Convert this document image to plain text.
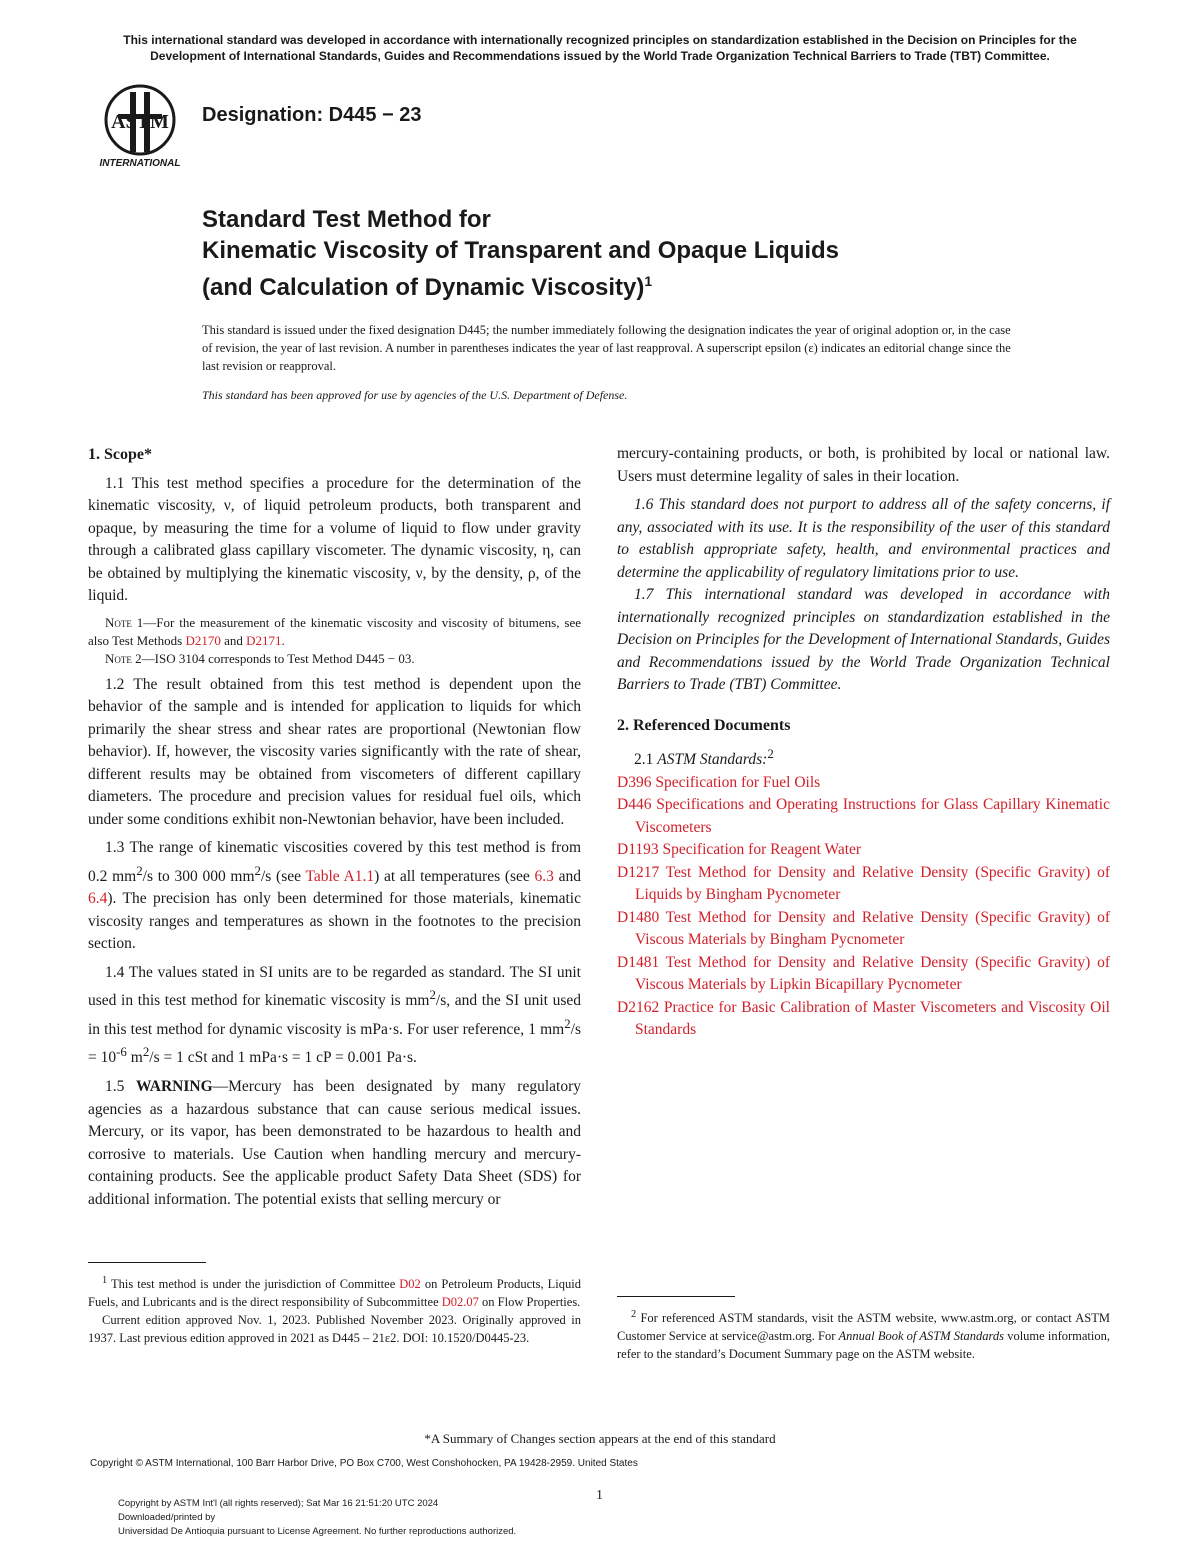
This international standard was developed in accordance with internationally recognized principles on standardization established in the Decision on Principles for the Development of International Standards, Guides and Recommendations issued by the World Trade Organization Technical Barriers to Trade (TBT) Committee.
ASTM
INTERNATIONAL
Designation: D445 − 23
Standard Test Method for
Kinematic Viscosity of Transparent and Opaque Liquids
(and Calculation of Dynamic Viscosity)$^1$
This standard is issued under the fixed designation D445; the number immediately following the designation indicates the year of original adoption or, in the case of revision, the year of last revision. A number in parentheses indicates the year of last reapproval. A superscript epsilon (ε) indicates an editorial change since the last revision or reapproval.
This standard has been approved for use by agencies of the U.S. Department of Defense.

1. Scope*

1.1 This test method specifies a procedure for the determination of the kinematic viscosity, ν, of liquid petroleum products, both transparent and opaque, by measuring the time for a volume of liquid to flow under gravity through a calibrated glass capillary viscometer. The dynamic viscosity, η, can be obtained by multiplying the kinematic viscosity, ν, by the density, ρ, of the liquid.

Note 1—For the measurement of the kinematic viscosity and viscosity of bitumens, see also Test Methods D2170 and D2171.

Note 2—ISO 3104 corresponds to Test Method D445 − 03.

1.2 The result obtained from this test method is dependent upon the behavior of the sample and is intended for application to liquids for which primarily the shear stress and shear rates are proportional (Newtonian flow behavior). If, however, the viscosity varies significantly with the rate of shear, different results may be obtained from viscometers of different capillary diameters. The procedure and precision values for residual fuel oils, which under some conditions exhibit non-Newtonian behavior, have been included.

1.3 The range of kinematic viscosities covered by this test method is from 0.2 $mm^2/s$ to 300 000 $mm^2/s$ (see Table A1.1) at all temperatures (see 6.3 and 6.4). The precision has only been determined for those materials, kinematic viscosity ranges and temperatures as shown in the footnotes to the precision section.

1.4 The values stated in SI units are to be regarded as standard. The SI unit used in this test method for kinematic viscosity is $mm^2/s$, and the SI unit used in this test method for dynamic viscosity is mPa·s. For user reference, 1 $mm^2/s = 10^{-6}$ $m^2/s = 1$ cSt and 1 mPa·s = 1 cP = 0.001 Pa·s.

1.5 WARNING—Mercury has been designated by many regulatory agencies as a hazardous substance that can cause serious medical issues. Mercury, or its vapor, has been demonstrated to be hazardous to health and corrosive to materials. Use Caution when handling mercury and mercury-containing products. See the applicable product Safety Data Sheet (SDS) for additional information. The potential exists that selling mercury or

$^1$ This test method is under the jurisdiction of Committee D02 on Petroleum Products, Liquid Fuels, and Lubricants and is the direct responsibility of Subcommittee D02.07 on Flow Properties.

Current edition approved Nov. 1, 2023. Published November 2023. Originally approved in 1937. Last previous edition approved in 2021 as D445 – 21ε2. DOI: 10.1520/D0445-23.

mercury-containing products, or both, is prohibited by local or national law. Users must determine legality of sales in their location.

1.6 This standard does not purport to address all of the safety concerns, if any, associated with its use. It is the responsibility of the user of this standard to establish appropriate safety, health, and environmental practices and determine the applicability of regulatory limitations prior to use.

1.7 This international standard was developed in accordance with internationally recognized principles on standardization established in the Decision on Principles for the Development of International Standards, Guides and Recommendations issued by the World Trade Organization Technical Barriers to Trade (TBT) Committee.

2. Referenced Documents

2.1 ASTM Standards:$^2$

D396 Specification for Fuel Oils

D446 Specifications and Operating Instructions for Glass Capillary Kinematic Viscometers

D1193 Specification for Reagent Water

D1217 Test Method for Density and Relative Density (Specific Gravity) of Liquids by Bingham Pycnometer

D1480 Test Method for Density and Relative Density (Specific Gravity) of Viscous Materials by Bingham Pycnometer

D1481 Test Method for Density and Relative Density (Specific Gravity) of Viscous Materials by Lipkin Bicapillary Pycnometer

D2162 Practice for Basic Calibration of Master Viscometers and Viscosity Oil Standards

$^2$ For referenced ASTM standards, visit the ASTM website, www.astm.org, or contact ASTM Customer Service at service@astm.org. For Annual Book of ASTM Standards volume information, refer to the standard’s Document Summary page on the ASTM website.

*A Summary of Changes section appears at the end of this standard
Copyright © ASTM International, 100 Barr Harbor Drive, PO Box C700, West Conshohocken, PA 19428-2959. United States
1
Copyright by ASTM Int'l (all rights reserved); Sat Mar 16 21:51:20 UTC 2024
Downloaded/printed by
Universidad De Antioquia pursuant to License Agreement. No further reproductions authorized.
